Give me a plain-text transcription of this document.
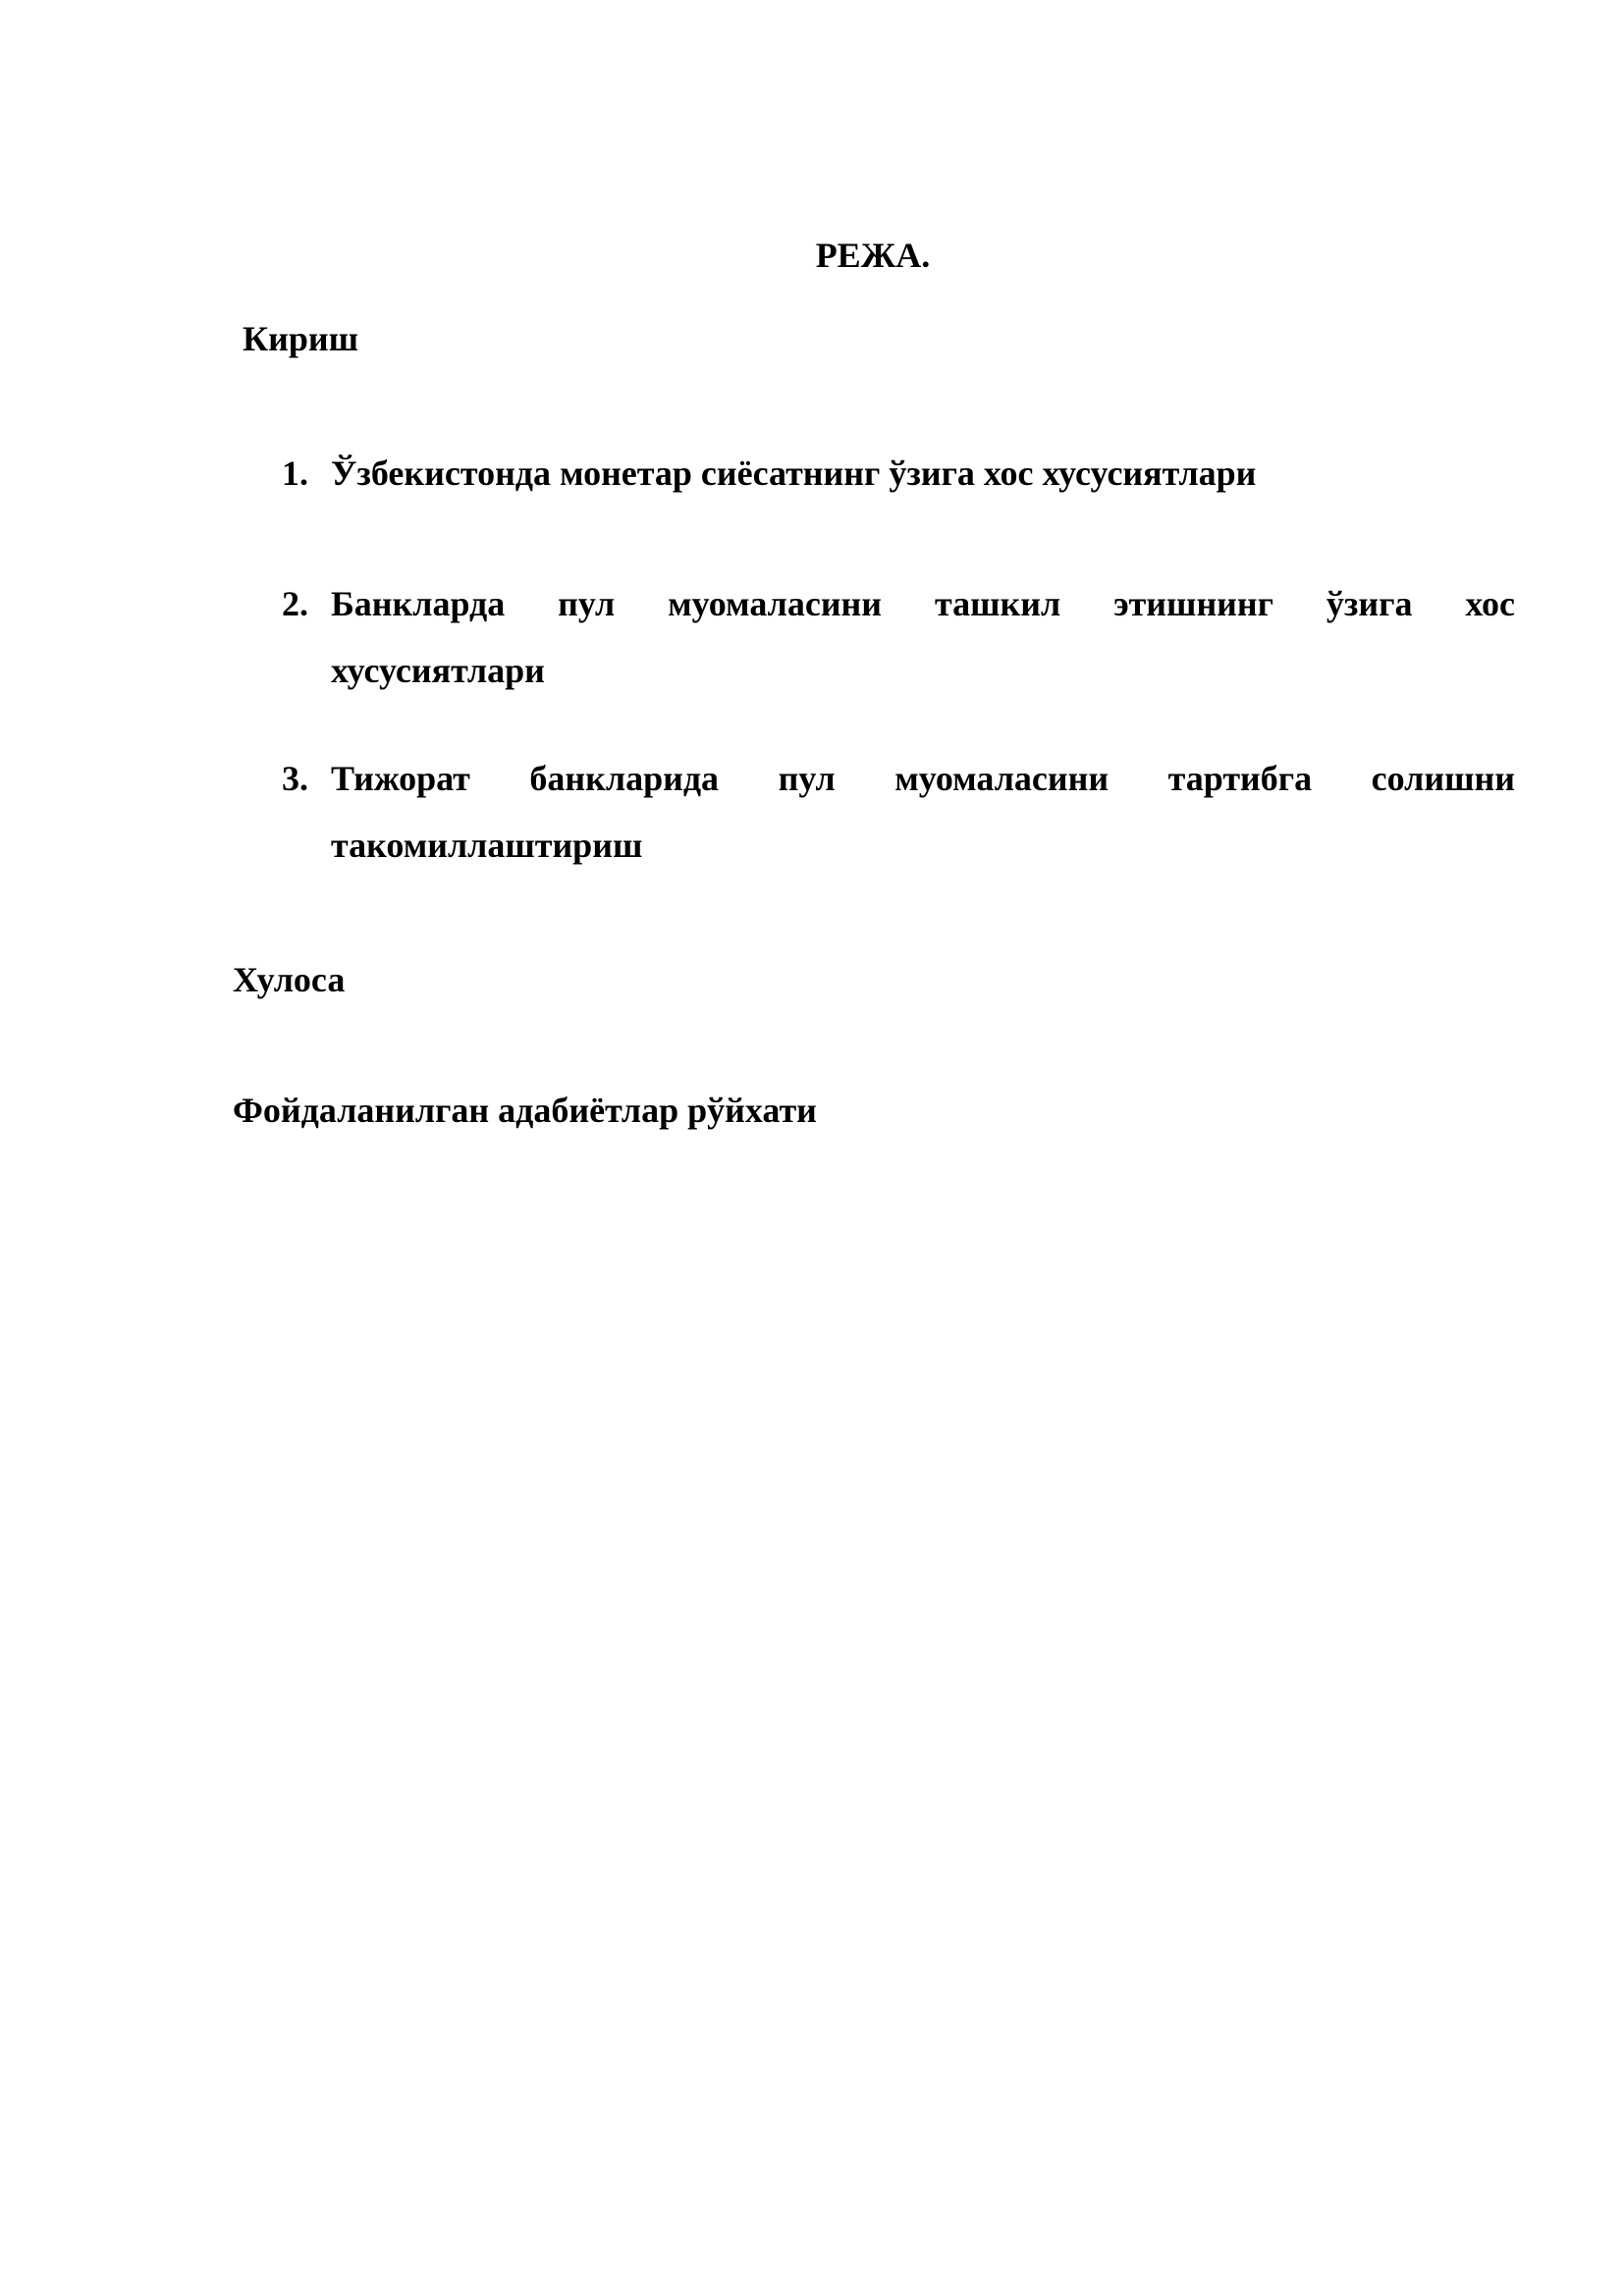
РЕЖА.
Кириш
1. Ўзбекистонда монетар сиёсатнинг ўзига хос хусусиятлари
2. Банкларда пул муомаласини ташкил этишнинг ўзига хос
хусусиятлари
3. Тижорат банкларида пул муомаласини тартибга солишни
такомиллаштириш
Хулоса
Фойдаланилган адабиётлар рўйхати
